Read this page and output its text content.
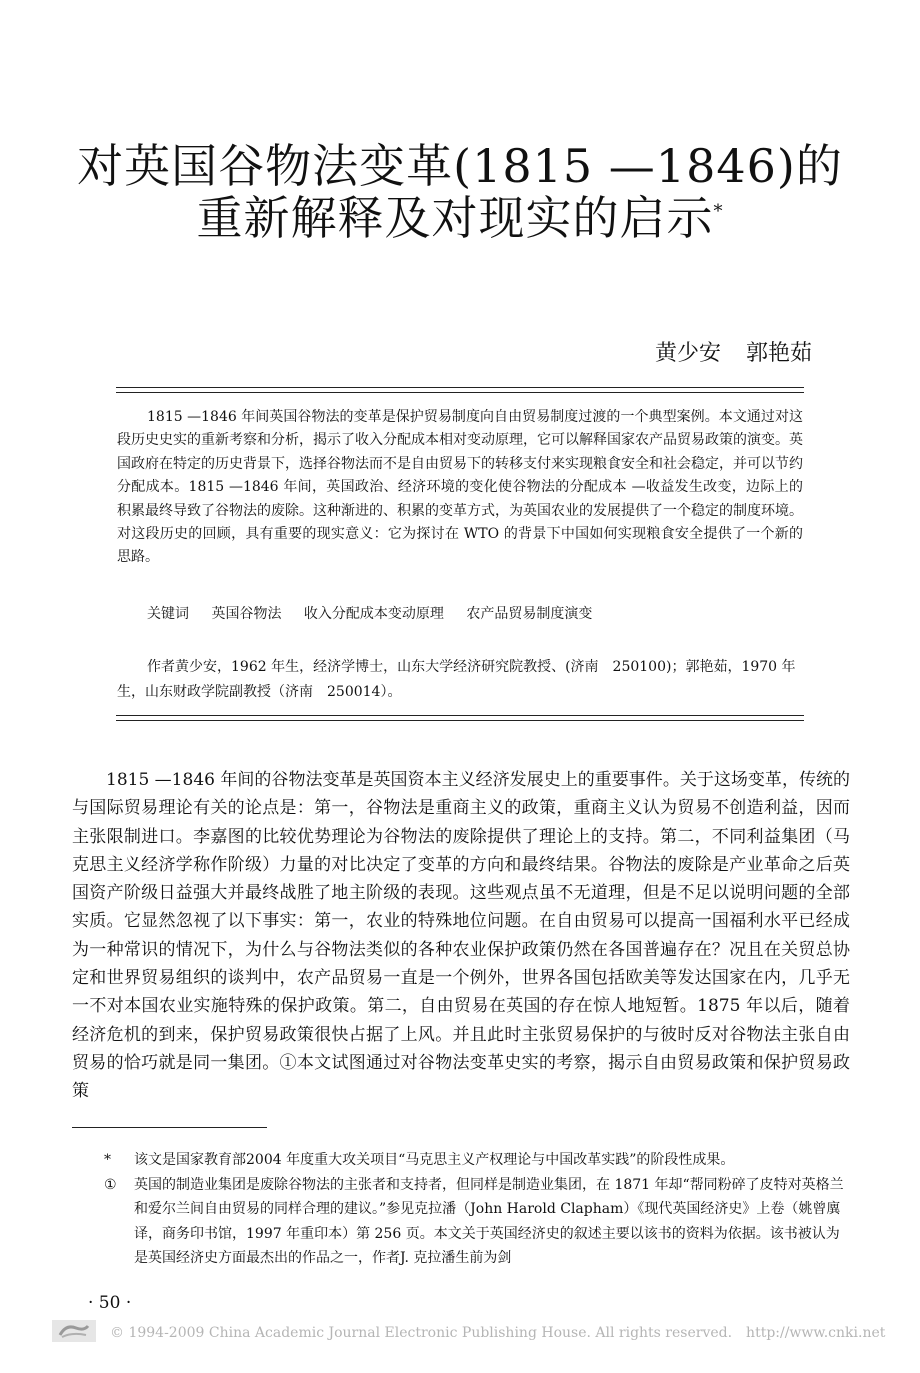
对英国谷物法变革(1815 —1846)的
重新解释及对现实的启示*
黄少安 郭艳茹

1815 —1846 年间英国谷物法的变革是保护贸易制度向自由贸易制度过渡的一个典型案例。本文通过对这段历史史实的重新考察和分析，揭示了收入分配成本相对变动原理，它可以解释国家农产品贸易政策的演变。英国政府在特定的历史背景下，选择谷物法而不是自由贸易下的转移支付来实现粮食安全和社会稳定，并可以节约分配成本。1815 —1846 年间，英国政治、经济环境的变化使谷物法的分配成本 —收益发生改变，边际上的积累最终导致了谷物法的废除。这种渐进的、积累的变革方式，为英国农业的发展提供了一个稳定的制度环境。对这段历史的回顾，具有重要的现实意义：它为探讨在 WTO 的背景下中国如何实现粮食安全提供了一个新的思路。

关键词 英国谷物法 收入分配成本变动原理 农产品贸易制度演变

作者黄少安，1962 年生，经济学博士，山东大学经济研究院教授、(济南　250100)；郭艳茹，1970 年生，山东财政学院副教授（济南　250014）。

1815 —1846 年间的谷物法变革是英国资本主义经济发展史上的重要事件。关于这场变革，传统的与国际贸易理论有关的论点是：第一，谷物法是重商主义的政策，重商主义认为贸易不创造利益，因而主张限制进口。李嘉图的比较优势理论为谷物法的废除提供了理论上的支持。第二，不同利益集团（马克思主义经济学称作阶级）力量的对比决定了变革的方向和最终结果。谷物法的废除是产业革命之后英国资产阶级日益强大并最终战胜了地主阶级的表现。这些观点虽不无道理，但是不足以说明问题的全部实质。它显然忽视了以下事实：第一，农业的特殊地位问题。在自由贸易可以提高一国福利水平已经成为一种常识的情况下，为什么与谷物法类似的各种农业保护政策仍然在各国普遍存在？况且在关贸总协定和世界贸易组织的谈判中，农产品贸易一直是一个例外，世界各国包括欧美等发达国家在内，几乎无一不对本国农业实施特殊的保护政策。第二，自由贸易在英国的存在惊人地短暂。1875 年以后，随着经济危机的到来，保护贸易政策很快占据了上风。并且此时主张贸易保护的与彼时反对谷物法主张自由贸易的恰巧就是同一集团。①本文试图通过对谷物法变革史实的考察，揭示自由贸易政策和保护贸易政策

* 该文是国家教育部2004 年度重大攻关项目“马克思主义产权理论与中国改革实践”的阶段性成果。
① 英国的制造业集团是废除谷物法的主张者和支持者，但同样是制造业集团，在 1871 年却“帮同粉碎了皮特对英格兰和爱尔兰间自由贸易的同样合理的建议。”参见克拉潘（John Harold Clapham）《现代英国经济史》上卷（姚曾廙译，商务印书馆，1997 年重印本）第 256 页。本文关于英国经济史的叙述主要以该书的资料为依据。该书被认为是英国经济史方面最杰出的作品之一，作者J. 克拉潘生前为剑
· 50 ·
© 1994-2009 China Academic Journal Electronic Publishing House. All rights reserved.　http://www.cnki.net
